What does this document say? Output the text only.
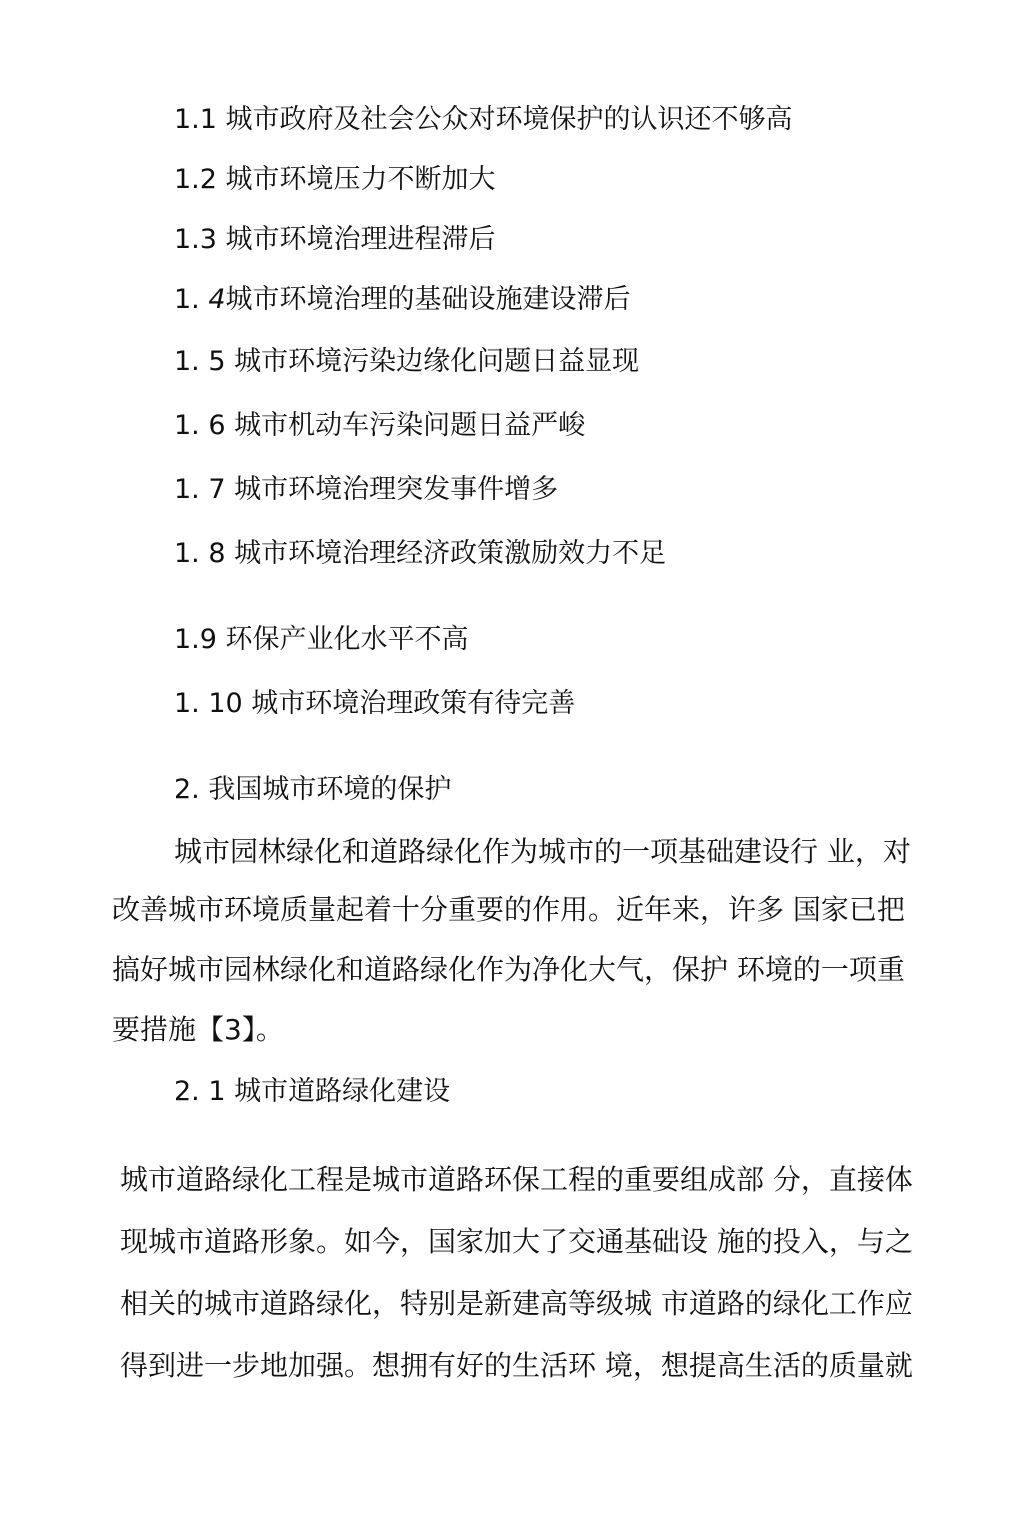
1.1 城市政府及社会公众对环境保护的认识还不够高
1.2 城市环境压力不断加大
1.3 城市环境治理进程滞后
1. 4城市环境治理的基础设施建设滞后
1. 5 城市环境污染边缘化问题日益显现
1. 6 城市机动车污染问题日益严峻
1. 7 城市环境治理突发事件增多
1. 8 城市环境治理经济政策激励效力不足
1.9 环保产业化水平不高
1. 10 城市环境治理政策有待完善
2. 我国城市环境的保护
城市园林绿化和道路绿化作为城市的一项基础建设行 业，对
改善城市环境质量起着十分重要的作用。近年来，许多 国家已把
搞好城市园林绿化和道路绿化作为净化大气，保护 环境的一项重
要措施【3】。
2. 1 城市道路绿化建设
城市道路绿化工程是城市道路环保工程的重要组成部 分，直接体
现城市道路形象。如今，国家加大了交通基础设 施的投入，与之
相关的城市道路绿化，特别是新建高等级城 市道路的绿化工作应
得到进一步地加强。想拥有好的生活环 境，想提高生活的质量就
